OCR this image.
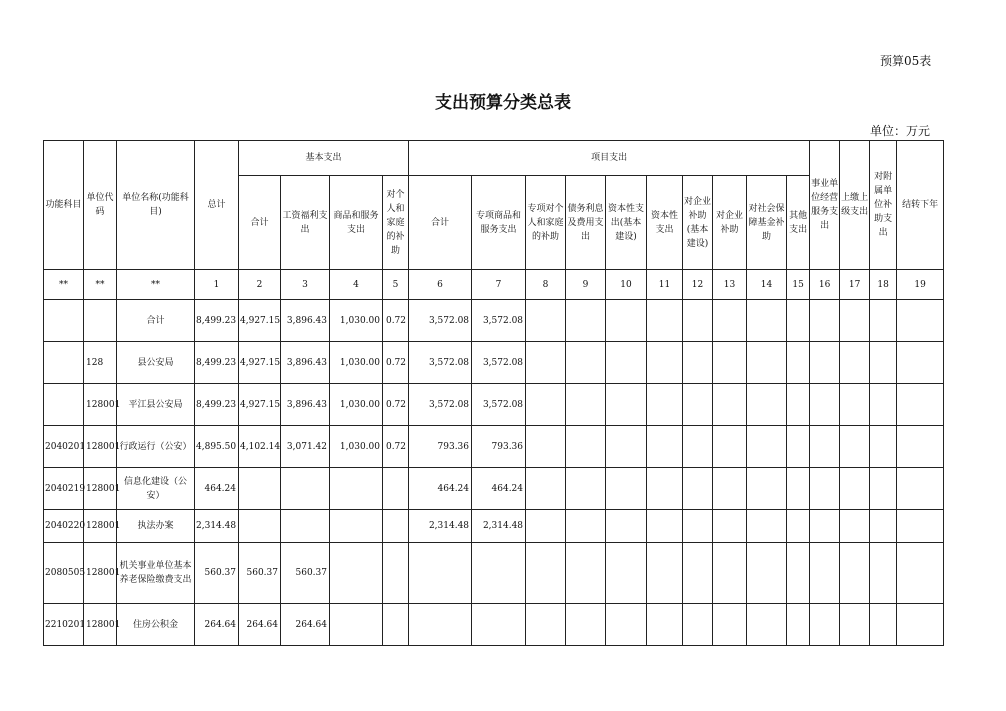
预算05表
支出预算分类总表
单位：万元
功能科目	单位代码	单位名称(功能科目)	总计	基本支出				项目支出										事业单位经营服务支出	上缴上级支出	对附属单位补助支出	结转下年
				合计	工资福利支出	商品和服务支出	对个人和家庭的补助	合计	专项商品和服务支出	专项对个人和家庭的补助	债务利息及费用支出	资本性支出(基本建设)	资本性支出	对企业补助(基本建设)	对企业补助	对社会保障基金补助	其他支出				
**	**	**	1	2	3	4	5	6	7	8	9	10	11	12	13	14	15	16	17	18	19
		合计	8,499.23	4,927.15	3,896.43	1,030.00	0.72	3,572.08	3,572.08												
	128	县公安局	8,499.23	4,927.15	3,896.43	1,030.00	0.72	3,572.08	3,572.08												
	128001	平江县公安局	8,499.23	4,927.15	3,896.43	1,030.00	0.72	3,572.08	3,572.08												
2040201	128001	行政运行（公安）	4,895.50	4,102.14	3,071.42	1,030.00	0.72	793.36	793.36												
2040219	128001	信息化建设（公安）	464.24					464.24	464.24												
2040220	128001	执法办案	2,314.48					2,314.48	2,314.48												
2080505	128001	机关事业单位基本养老保险缴费支出	560.37	560.37	560.37																
2210201	128001	住房公积金	264.64	264.64	264.64																
